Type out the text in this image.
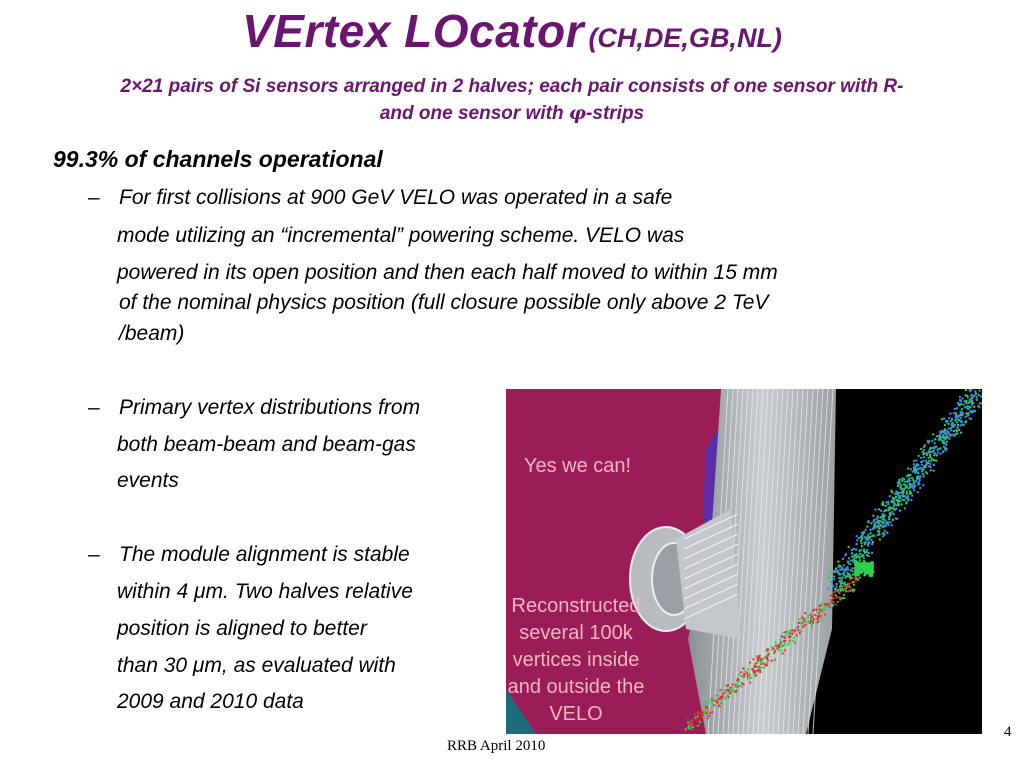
VErtex LOcator (CH,DE,GB,NL)
2×21 pairs of Si sensors arranged in 2 halves; each pair consists of one sensor with R-
and one sensor with φ-strips
99.3% of channels operational
– For first collisions at 900 GeV VELO was operated in a safe
mode utilizing an “incremental” powering scheme. VELO was
powered in its open position and then each half moved to within 15 mm
of the nominal physics position (full closure possible only above 2 TeV
/beam)
– Primary vertex distributions from
both beam-beam and beam-gas
events
– The module alignment is stable
within 4 μm. Two halves relative
position is aligned to better
than 30 μm, as evaluated with
2009 and 2010 data
Yes we can!
Reconstructed
several 100k
vertices inside
and outside the
VELO
RRB April 2010
4
